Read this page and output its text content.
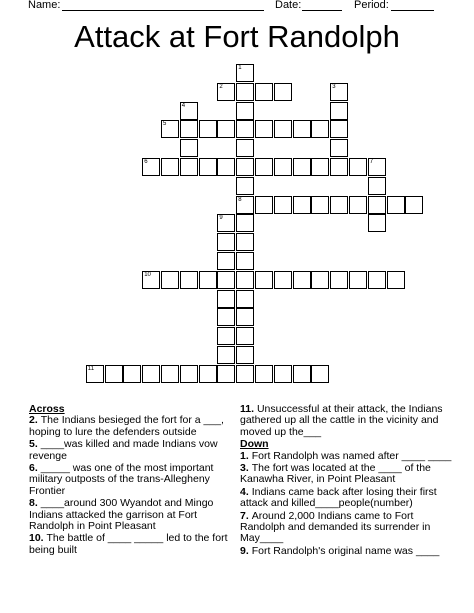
Name:	Date:	Period:
Attack at Fort Randolph
1
8
2	3
4
5
6	7
9
10
11
Across
2. The Indians besieged the fort for a ___, hoping to lure the defenders outside
5. ____was killed and made Indians vow revenge
6. _____ was one of the most important military outposts of the trans-Allegheny Frontier
8. ____around 300 Wyandot and Mingo Indians attacked the garrison at Fort Randolph in Point Pleasant
10. The battle of ____ _____ led to the fort being built
11. Unsuccessful at their attack, the Indians gathered up all the cattle in the vicinity and moved up the___
Down
1. Fort Randolph was named after ____ ____
3. The fort was located at the ____ of the Kanawha River, in Point Pleasant
4. Indians came back after losing their first attack and killed____people(number)
7. Around 2,000 Indians came to Fort Randolph and demanded its surrender in May____
9. Fort Randolph's original name was ____
